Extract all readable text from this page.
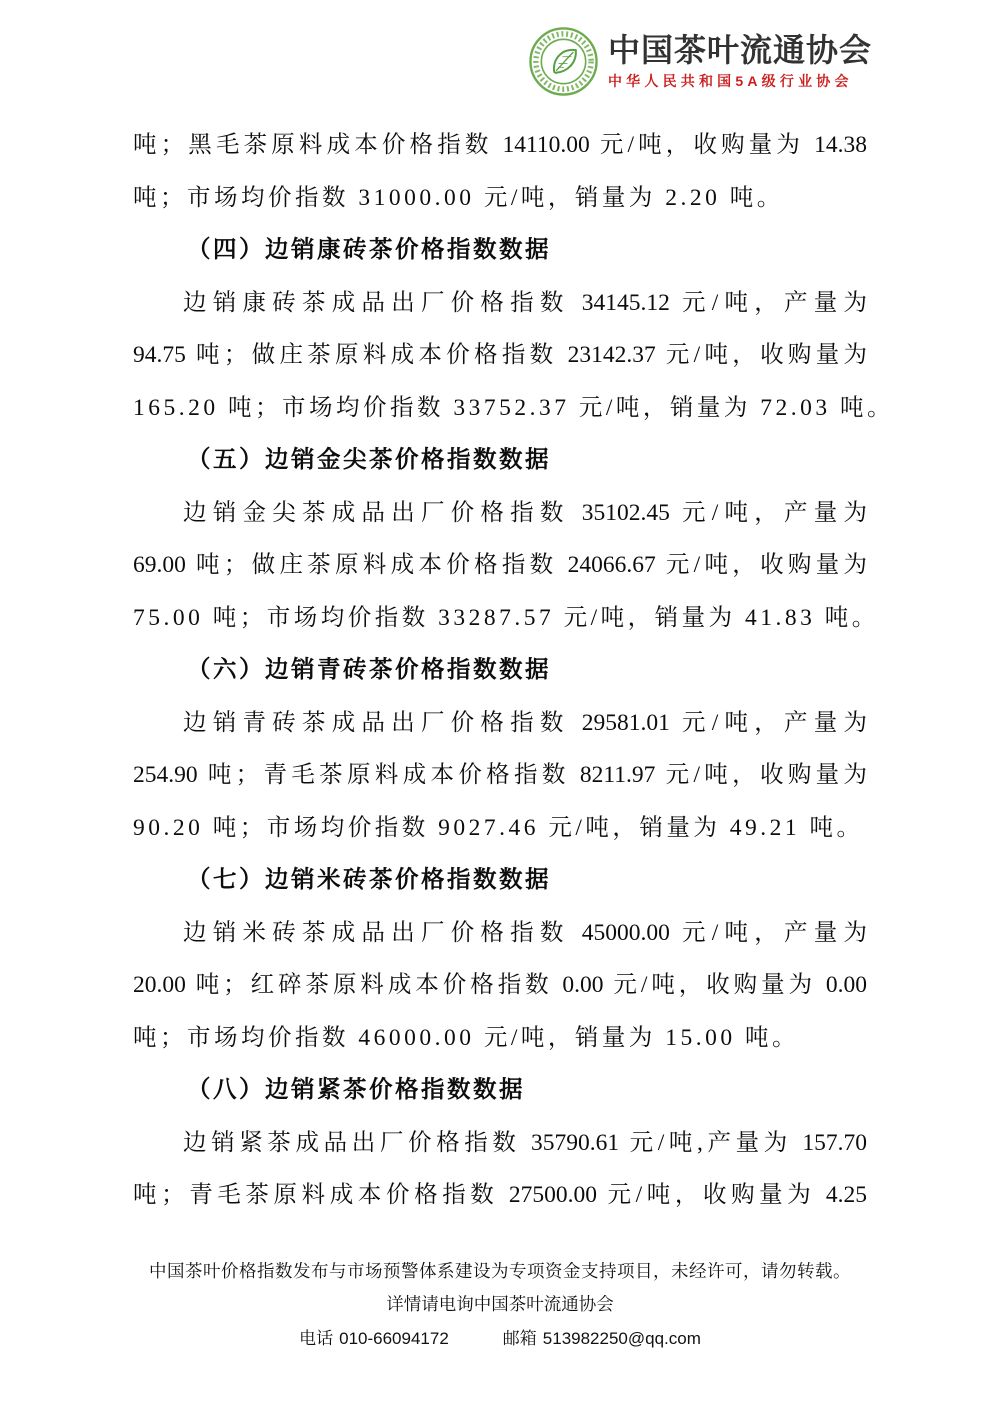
中国茶叶流通协会
中华人民共和国5A级行业协会
吨；黑毛茶原料成本价格指数 14110.00 元/吨，收购量为 14.38
吨；市场均价指数 31000.00 元/吨，销量为 2.20 吨。
（四）边销康砖茶价格指数数据
边销康砖茶成品出厂价格指数 34145.12 元/吨，产量为
94.75 吨；做庄茶原料成本价格指数 23142.37 元/吨，收购量为
165.20 吨；市场均价指数 33752.37 元/吨，销量为 72.03 吨。
（五）边销金尖茶价格指数数据
边销金尖茶成品出厂价格指数 35102.45 元/吨，产量为
69.00 吨；做庄茶原料成本价格指数 24066.67 元/吨，收购量为
75.00 吨；市场均价指数 33287.57 元/吨，销量为 41.83 吨。
（六）边销青砖茶价格指数数据
边销青砖茶成品出厂价格指数 29581.01 元/吨，产量为
254.90 吨；青毛茶原料成本价格指数 8211.97 元/吨，收购量为
90.20 吨；市场均价指数 9027.46 元/吨，销量为 49.21 吨。
（七）边销米砖茶价格指数数据
边销米砖茶成品出厂价格指数 45000.00 元/吨，产量为
20.00 吨；红碎茶原料成本价格指数 0.00 元/吨，收购量为 0.00
吨；市场均价指数 46000.00 元/吨，销量为 15.00 吨。
（八）边销紧茶价格指数数据
边销紧茶成品出厂价格指数 35790.61 元/吨,产量为 157.70
吨；青毛茶原料成本价格指数 27500.00 元/吨，收购量为 4.25
中国茶叶价格指数发布与市场预警体系建设为专项资金支持项目，未经许可，请勿转载。
详情请电询中国茶叶流通协会
电话 010-66094172	邮箱 513982250@qq.com
